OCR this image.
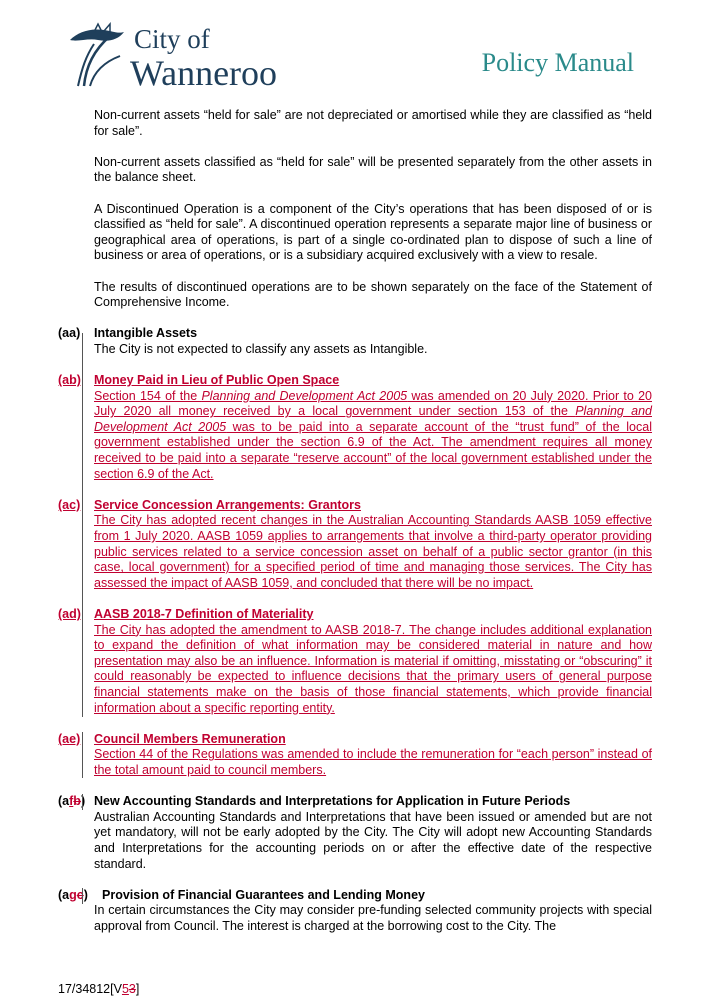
City of
Wanneroo	Policy Manual

Non-current assets “held for sale” are not depreciated or amortised while they are classified as “held for sale”.

Non-current assets classified as “held for sale” will be presented separately from the other assets in the balance sheet.

A Discontinued Operation is a component of the City’s operations that has been disposed of or is classified as “held for sale”. A discontinued operation represents a separate major line of business or geographical area of operations, is part of a single co-ordinated plan to dispose of such a line of business or area of operations, or is a subsidiary acquired exclusively with a view to resale.

The results of discontinued operations are to be shown separately on the face of the Statement of Comprehensive Income.

(aa)	Intangible Assets
The City is not expected to classify any assets as Intangible.
(ab)	Money Paid in Lieu of Public Open Space
Section 154 of the Planning and Development Act 2005 was amended on 20 July 2020. Prior to 20 July 2020 all money received by a local government under section 153 of the Planning and Development Act 2005 was to be paid into a separate account of the “trust fund” of the local government established under the section 6.9 of the Act. The amendment requires all money received to be paid into a separate “reserve account” of the local government established under the section 6.9 of the Act.
(ac)	Service Concession Arrangements: Grantors
The City has adopted recent changes in the Australian Accounting Standards AASB 1059 effective from 1 July 2020. AASB 1059 applies to arrangements that involve a third-party operator providing public services related to a service concession asset on behalf of a public sector grantor (in this case, local government) for a specified period of time and managing those services. The City has assessed the impact of AASB 1059, and concluded that there will be no impact.
(ad)	AASB 2018-7 Definition of Materiality
The City has adopted the amendment to AASB 2018-7. The change includes additional explanation to expand the definition of what information may be considered material in nature and how presentation may also be an influence. Information is material if omitting, misstating or “obscuring” it could reasonably be expected to influence decisions that the primary users of general purpose financial statements make on the basis of those financial statements, which provide financial information about a specific reporting entity.
(ae)	Council Members Remuneration
Section 44 of the Regulations was amended to include the remuneration for “each person” instead of the total amount paid to council members.
(afb) New Accounting Standards and Interpretations for Application in Future Periods
Australian Accounting Standards and Interpretations that have been issued or amended but are not yet mandatory, will not be early adopted by the City. The City will adopt new Accounting Standards and Interpretations for the accounting periods on or after the effective date of the respective standard.
(agc)	Provision of Financial Guarantees and Lending Money
In certain circumstances the City may consider pre-funding selected community projects with special approval from Council. The interest is charged at the borrowing cost to the City. The
17/34812[V53]
